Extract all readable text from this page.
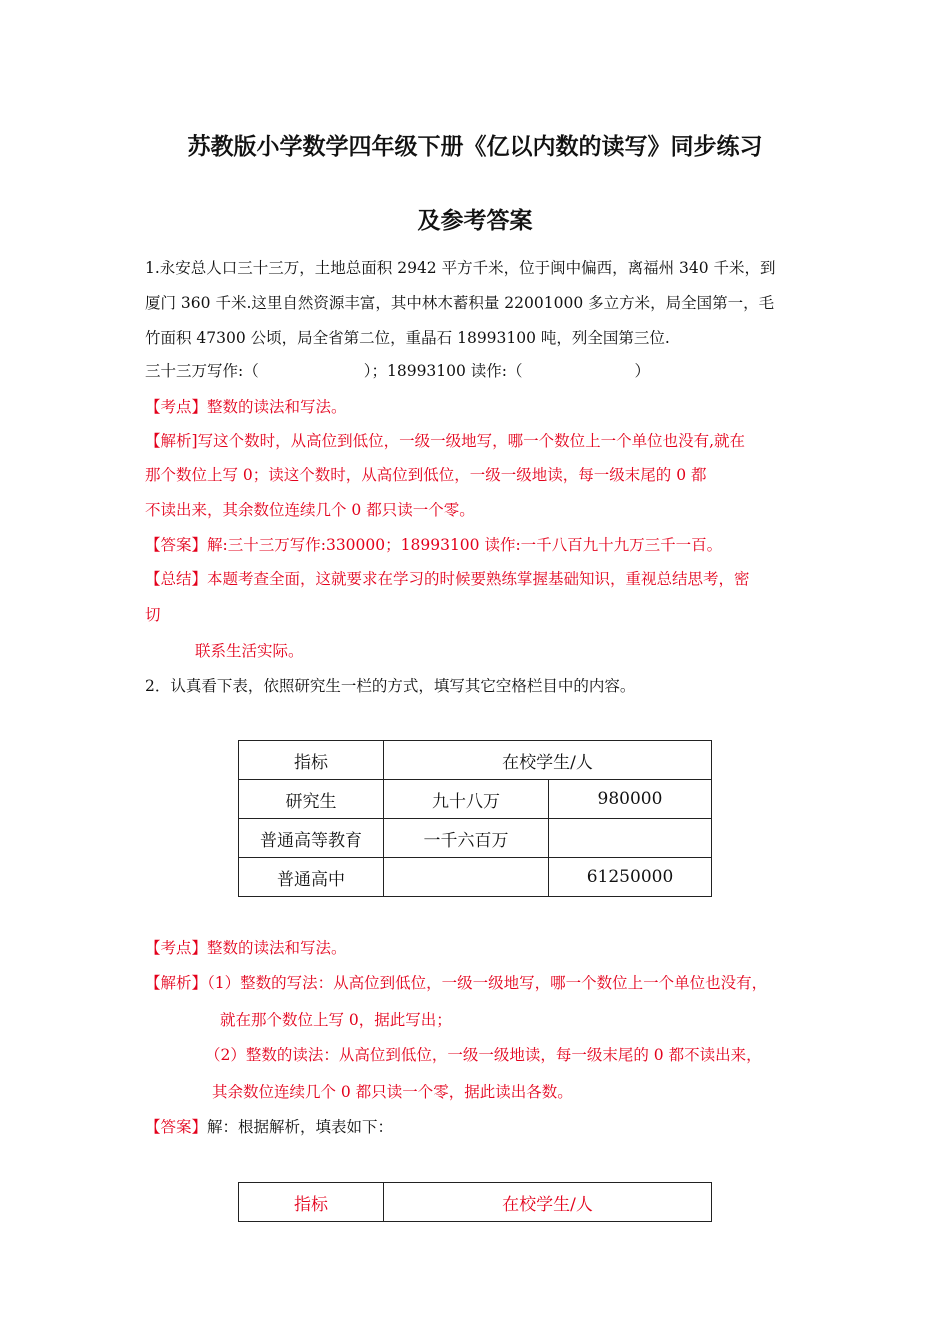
苏教版小学数学四年级下册《亿以内数的读写》同步练习
及参考答案
1.永安总人口三十三万，土地总面积 2942 平方千米，位于闽中偏西，离福州 340 千米，到
厦门 360 千米.这里自然资源丰富，其中林木蓄积量 22001000 多立方米，局全国第一，毛
竹面积 47300 公顷，局全省第二位，重晶石 18993100 吨，列全国第三位.
三十三万写作:（	）；18993100 读作:（	）
【考点】整数的读法和写法。
【解析]写这个数时，从高位到低位，一级一级地写，哪一个数位上一个单位也没有,就在
那个数位上写 0；读这个数时，从高位到低位，一级一级地读，每一级末尾的 0 都
不读出来，其余数位连续几个 0 都只读一个零。
【答案】解:三十三万写作:330000；18993100 读作:一千八百九十九万三千一百。
【总结】本题考查全面，这就要求在学习的时候要熟练掌握基础知识，重视总结思考，密
切
联系生活实际。
2．认真看下表，依照研究生一栏的方式，填写其它空格栏目中的内容。
指标	在校学生/人	
研究生	九十八万	980000
普通高等教育	一千六百万	
普通高中		61250000
【考点】整数的读法和写法。
【解析】（1）整数的写法：从高位到低位，一级一级地写，哪一个数位上一个单位也没有，
就在那个数位上写 0，据此写出；
（2）整数的读法：从高位到低位，一级一级地读，每一级末尾的 0 都不读出来，
其余数位连续几个 0 都只读一个零，据此读出各数。
【答案】解：根据解析，填表如下：
指标	在校学生/人
